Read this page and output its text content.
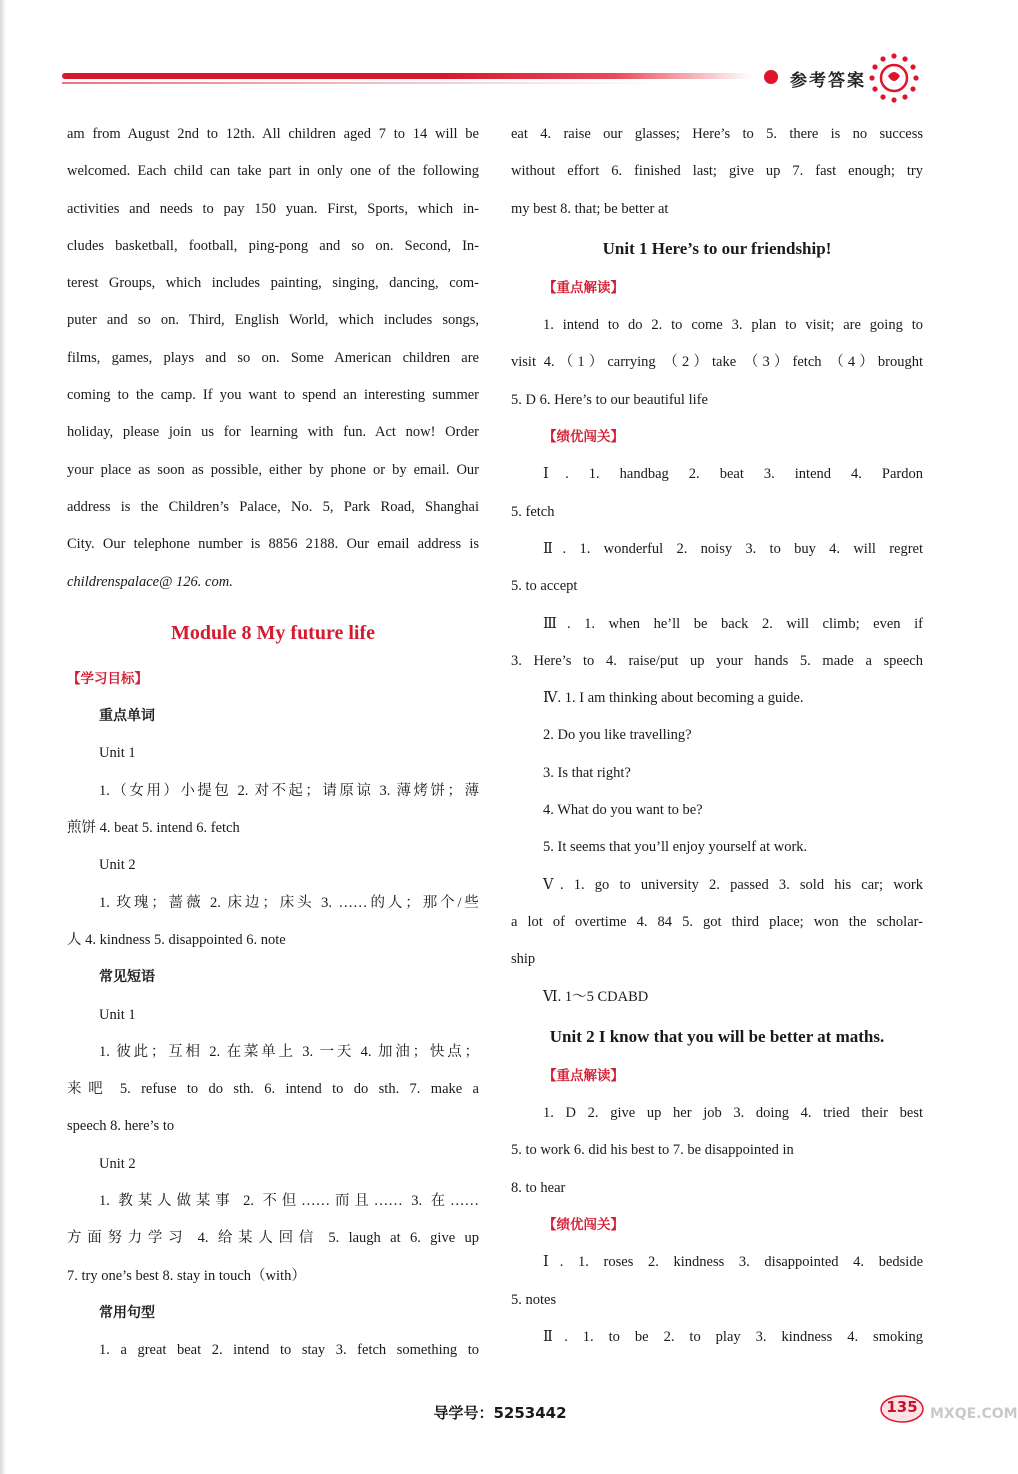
参考答案
am from August 2nd to 12th. All children aged 7 to 14 will be
welcomed. Each child can take part in only one of the following
activities and needs to pay 150 yuan. First, Sports, which in-
cludes basketball, football, ping-pong and so on. Second, In-
terest Groups, which includes painting, singing, dancing, com-
puter and so on. Third, English World, which includes songs,
films, games, plays and so on. Some American children are
coming to the camp. If you want to spend an interesting summer
holiday, please join us for learning with fun. Act now! Order
your place as soon as possible, either by phone or by email. Our
address is the Children’s Palace, No. 5, Park Road, Shanghai
City. Our telephone number is 8856 2188. Our email address is
childrenspalace@ 126. com.
Module 8 My future life
【学习目标】
重点单词
Unit 1
1.（女用）小提包 2. 对不起；请原谅 3. 薄烤饼；薄
煎饼 4. beat 5. intend 6. fetch
Unit 2
1. 玫瑰；蔷薇 2. 床边；床头 3. ……的人；那个/些
人 4. kindness 5. disappointed 6. note
常见短语
Unit 1
1. 彼此；互相 2. 在菜单上 3. 一天 4. 加油；快点；
来吧 5. refuse to do sth. 6. intend to do sth. 7. make a
speech 8. here’s to
Unit 2
1. 教某人做某事 2. 不但……而且…… 3. 在……
方面努力学习 4. 给某人回信 5. laugh at 6. give up
7. try one’s best 8. stay in touch（with）
常用句型
1. a great beat 2. intend to stay 3. fetch something to
eat 4. raise our glasses; Here’s to 5. there is no success
without effort 6. finished last; give up 7. fast enough; try
my best 8. that; be better at
Unit 1 Here’s to our friendship!
【重点解读】
1. intend to do 2. to come 3. plan to visit; are going to
visit 4.（1）carrying （2）take （3）fetch （4）brought
5. D 6. Here’s to our beautiful life
【绩优闯关】
Ⅰ. 1. handbag 2. beat 3. intend 4. Pardon
5. fetch
Ⅱ. 1. wonderful 2. noisy 3. to buy 4. will regret
5. to accept
Ⅲ. 1. when he’ll be back 2. will climb; even if
3. Here’s to 4. raise/put up your hands 5. made a speech
Ⅳ. 1. I am thinking about becoming a guide.
2. Do you like travelling?
3. Is that right?
4. What do you want to be?
5. It seems that you’ll enjoy yourself at work.
Ⅴ. 1. go to university 2. passed 3. sold his car; work
a lot of overtime 4. 84 5. got third place; won the scholar-
ship
Ⅵ. 1～5 CDABD
Unit 2 I know that you will be better at maths.
【重点解读】
1. D 2. give up her job 3. doing 4. tried their best
5. to work 6. did his best to 7. be disappointed in
8. to hear
【绩优闯关】
Ⅰ. 1. roses 2. kindness 3. disappointed 4. bedside
5. notes
Ⅱ. 1. to be 2. to play 3. kindness 4. smoking
导学号：5253442	135 MXQE.COM
